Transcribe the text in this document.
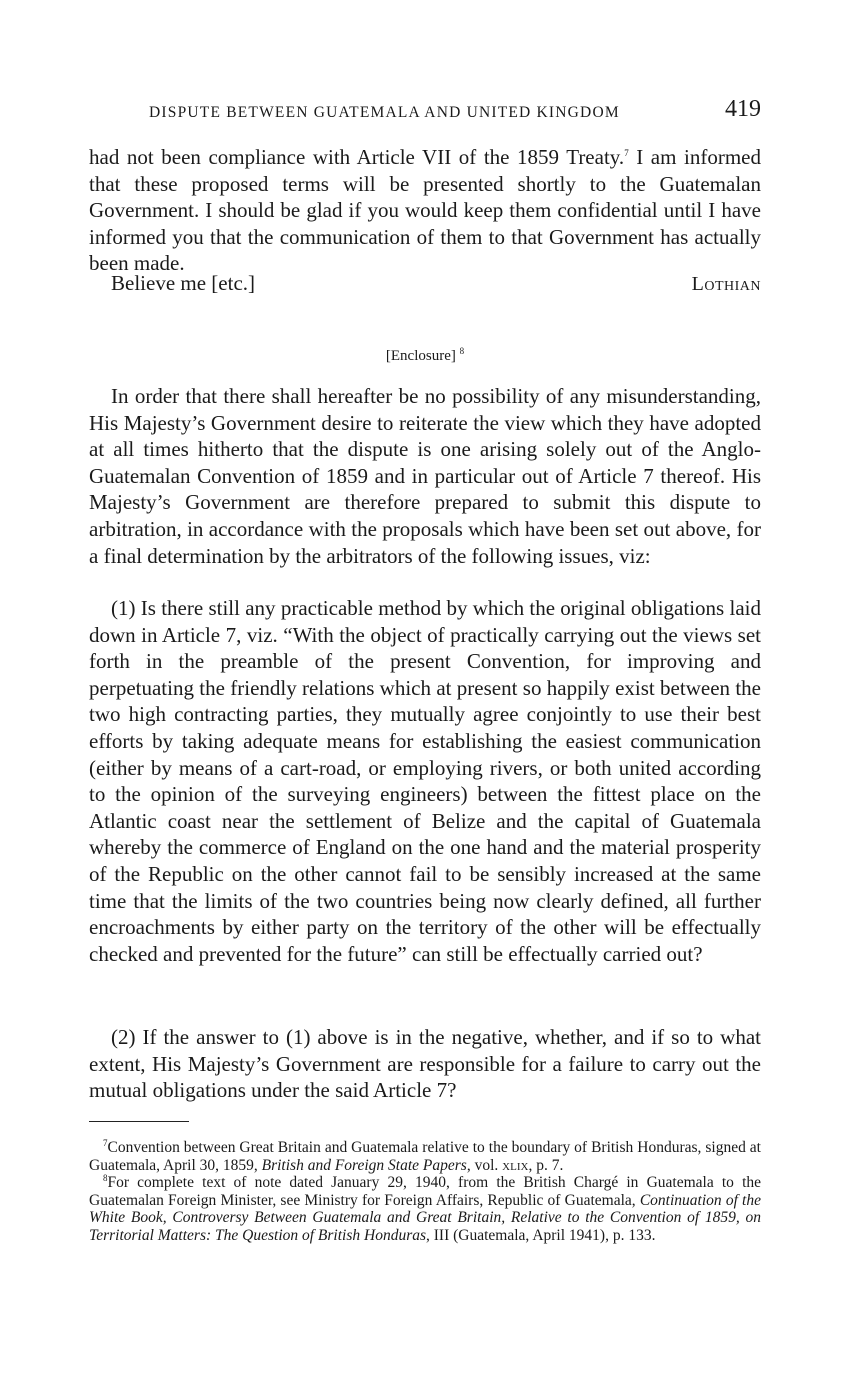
DISPUTE BETWEEN GUATEMALA AND UNITED KINGDOM	419

had not been compliance with Article VII of the 1859 Treaty.$^7$ I am informed that these proposed terms will be presented shortly to the Guatemalan Government. I should be glad if you would keep them confidential until I have informed you that the communication of them to that Government has actually been made.

Believe me [etc.]	Lothian
[Enclosure] $^8$

In order that there shall hereafter be no possibility of any misunderstanding, His Majesty’s Government desire to reiterate the view which they have adopted at all times hitherto that the dispute is one arising solely out of the Anglo-Guatemalan Convention of 1859 and in particular out of Article 7 thereof. His Majesty’s Government are therefore prepared to submit this dispute to arbitration, in accordance with the proposals which have been set out above, for a final determination by the arbitrators of the following issues, viz:

(1) Is there still any practicable method by which the original obligations laid down in Article 7, viz. “With the object of practically carrying out the views set forth in the preamble of the present Convention, for improving and perpetuating the friendly relations which at present so happily exist between the two high contracting parties, they mutually agree conjointly to use their best efforts by taking adequate means for establishing the easiest communication (either by means of a cart-road, or employing rivers, or both united according to the opinion of the surveying engineers) between the fittest place on the Atlantic coast near the settlement of Belize and the capital of Guatemala whereby the commerce of England on the one hand and the material prosperity of the Republic on the other cannot fail to be sensibly increased at the same time that the limits of the two countries being now clearly defined, all further encroachments by either party on the territory of the other will be effectually checked and prevented for the future” can still be effectually carried out?

(2) If the answer to (1) above is in the negative, whether, and if so to what extent, His Majesty’s Government are responsible for a failure to carry out the mutual obligations under the said Article 7?

$^7$Convention between Great Britain and Guatemala relative to the boundary of British Honduras, signed at Guatemala, April 30, 1859, British and Foreign State Papers, vol. xlix, p. 7.

$^8$For complete text of note dated January 29, 1940, from the British Chargé in Guatemala to the Guatemalan Foreign Minister, see Ministry for Foreign Affairs, Republic of Guatemala, Continuation of the White Book, Controversy Between Guatemala and Great Britain, Relative to the Convention of 1859, on Territorial Matters: The Question of British Honduras, III (Guatemala, April 1941), p. 133.
